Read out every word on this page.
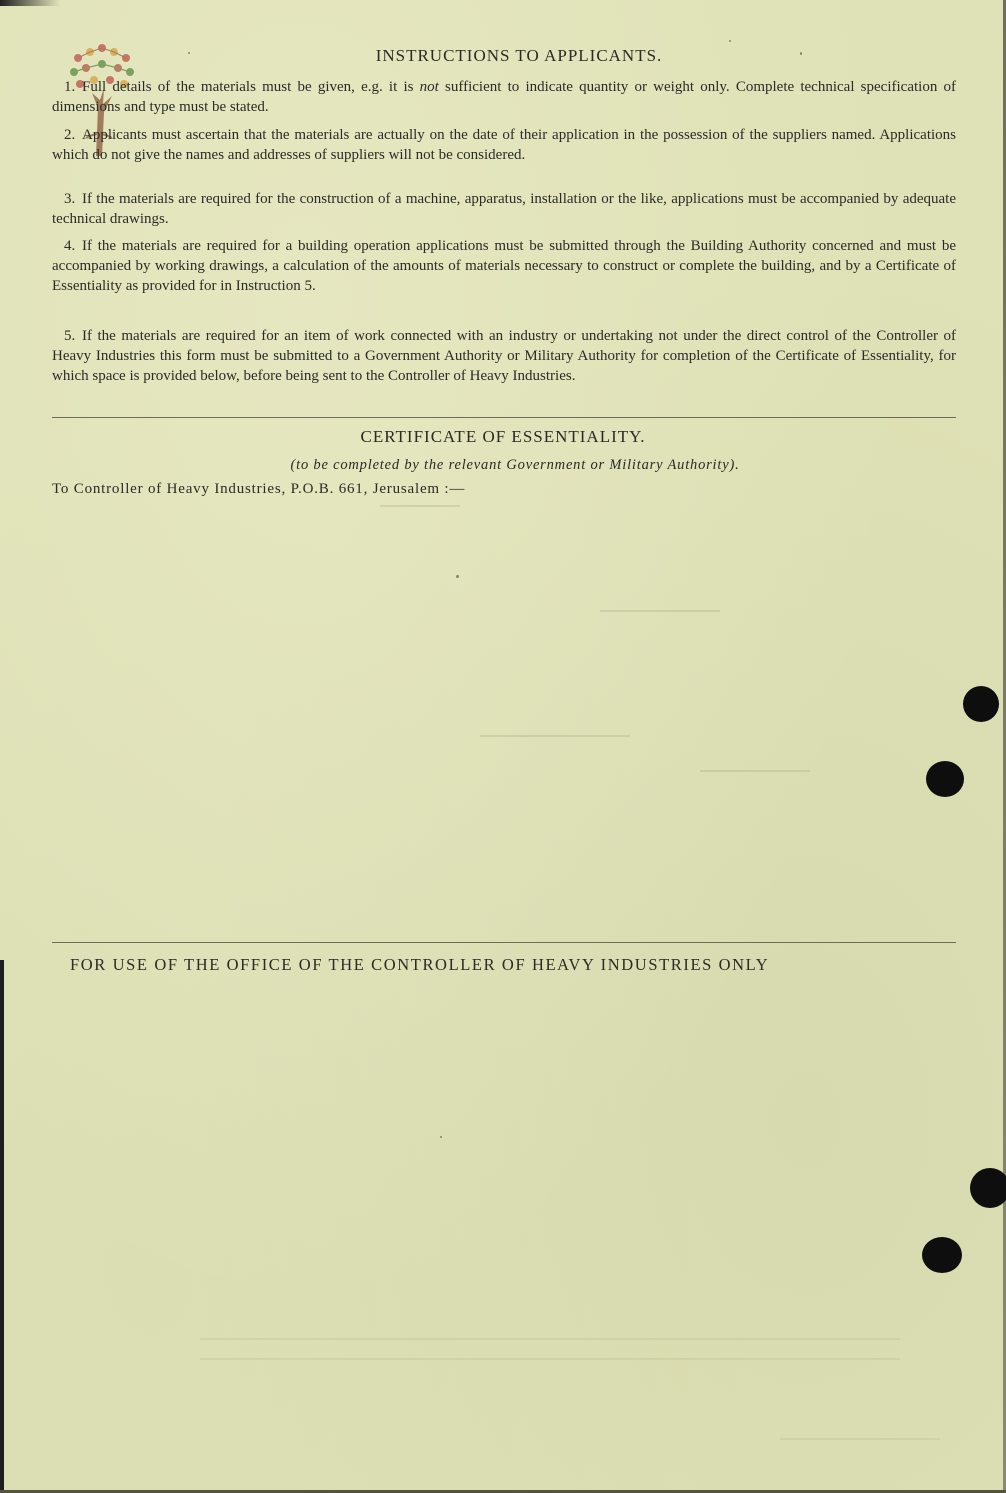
INSTRUCTIONS TO APPLICANTS.

1. Full details of the materials must be given, e.g. it is not sufficient to indicate quantity or weight only. Complete technical specification of dimensions and type must be stated.

2. Applicants must ascertain that the materials are actually on the date of their application in the possession of the suppliers named. Applications which do not give the names and addresses of suppliers will not be considered.

3. If the materials are required for the construction of a machine, apparatus, installation or the like, applications must be accompanied by adequate technical drawings.

4. If the materials are required for a building operation applications must be submitted through the Building Authority concerned and must be accompanied by working drawings, a calculation of the amounts of materials necessary to construct or complete the building, and by a Certificate of Essentiality as provided for in Instruction 5.

5. If the materials are required for an item of work connected with an industry or undertaking not under the direct control of the Controller of Heavy Industries this form must be submitted to a Government Authority or Military Authority for completion of the Certificate of Essentiality, for which space is provided below, before being sent to the Controller of Heavy Industries.

CERTIFICATE OF ESSENTIALITY.
(to be completed by the relevant Government or Military Authority).
To Controller of Heavy Industries, P.O.B. 661, Jerusalem :—
FOR USE OF THE OFFICE OF THE CONTROLLER OF HEAVY INDUSTRIES ONLY
